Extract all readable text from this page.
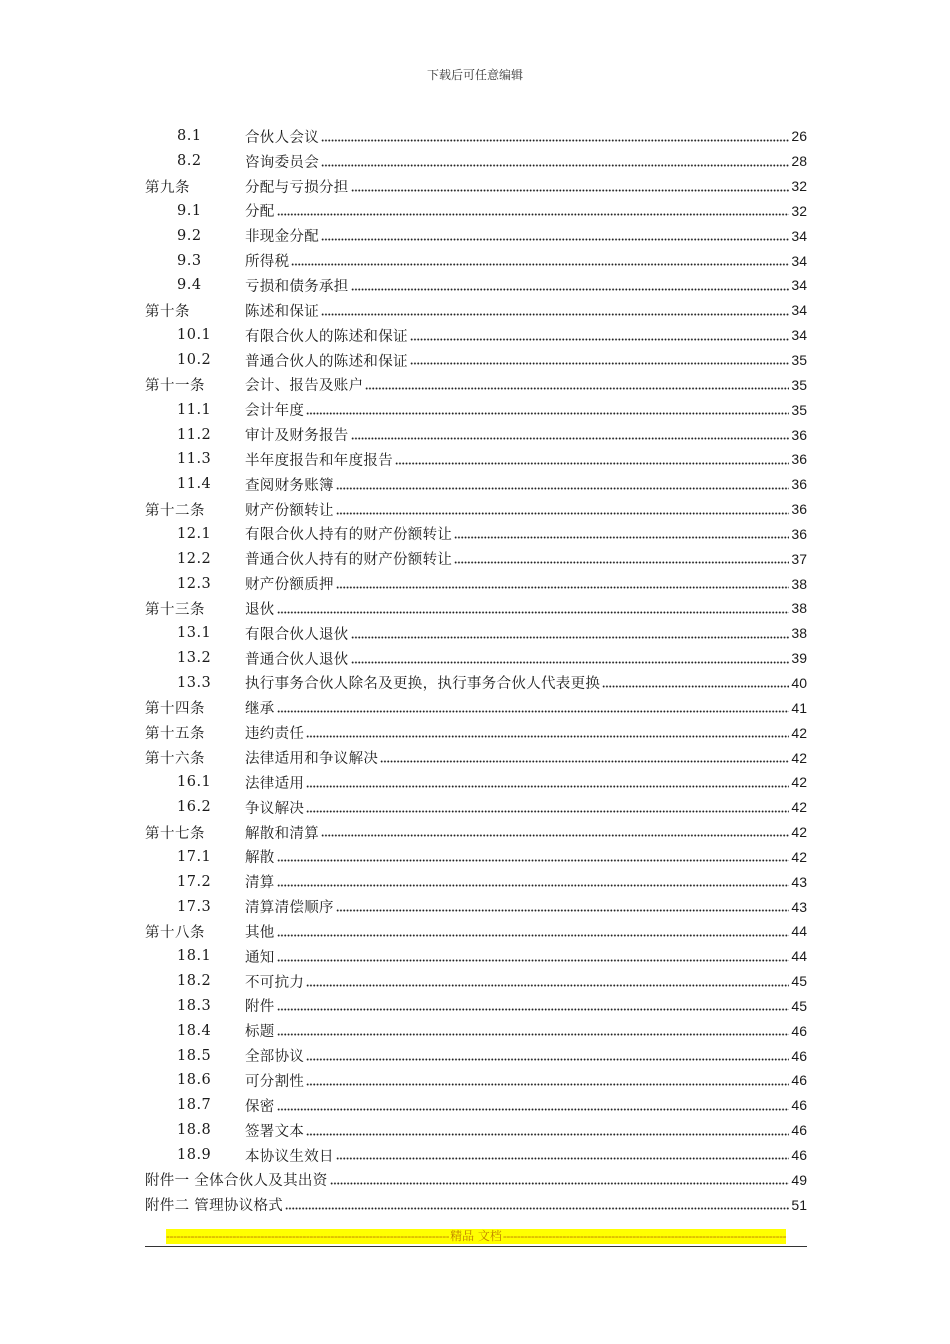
下载后可任意编辑
8.1	合伙人会议	26
8.2	咨询委员会	28
第九条	分配与亏损分担	32
9.1	分配	32
9.2	非现金分配	34
9.3	所得税	34
9.4	亏损和债务承担	34
第十条	陈述和保证	34
10.1	有限合伙人的陈述和保证	34
10.2	普通合伙人的陈述和保证	35
第十一条	会计、报告及账户	35
11.1	会计年度	35
11.2	审计及财务报告	36
11.3	半年度报告和年度报告	36
11.4	查阅财务账簿	36
第十二条	财产份额转让	36
12.1	有限合伙人持有的财产份额转让	36
12.2	普通合伙人持有的财产份额转让	37
12.3	财产份额质押	38
第十三条	退伙	38
13.1	有限合伙人退伙	38
13.2	普通合伙人退伙	39
13.3	执行事务合伙人除名及更换，执行事务合伙人代表更换	40
第十四条	继承	41
第十五条	违约责任	42
第十六条	法律适用和争议解决	42
16.1	法律适用	42
16.2	争议解决	42
第十七条	解散和清算	42
17.1	解散	42
17.2	清算	43
17.3	清算清偿顺序	43
第十八条	其他	44
18.1	通知	44
18.2	不可抗力	45
18.3	附件	45
18.4	标题	46
18.5	全部协议	46
18.6	可分割性	46
18.7	保密	46
18.8	签署文本	46
18.9	本协议生效日	46
附件一 全体合伙人及其出资	49
附件二 管理协议格式	51
-----
精品 文档
-----
